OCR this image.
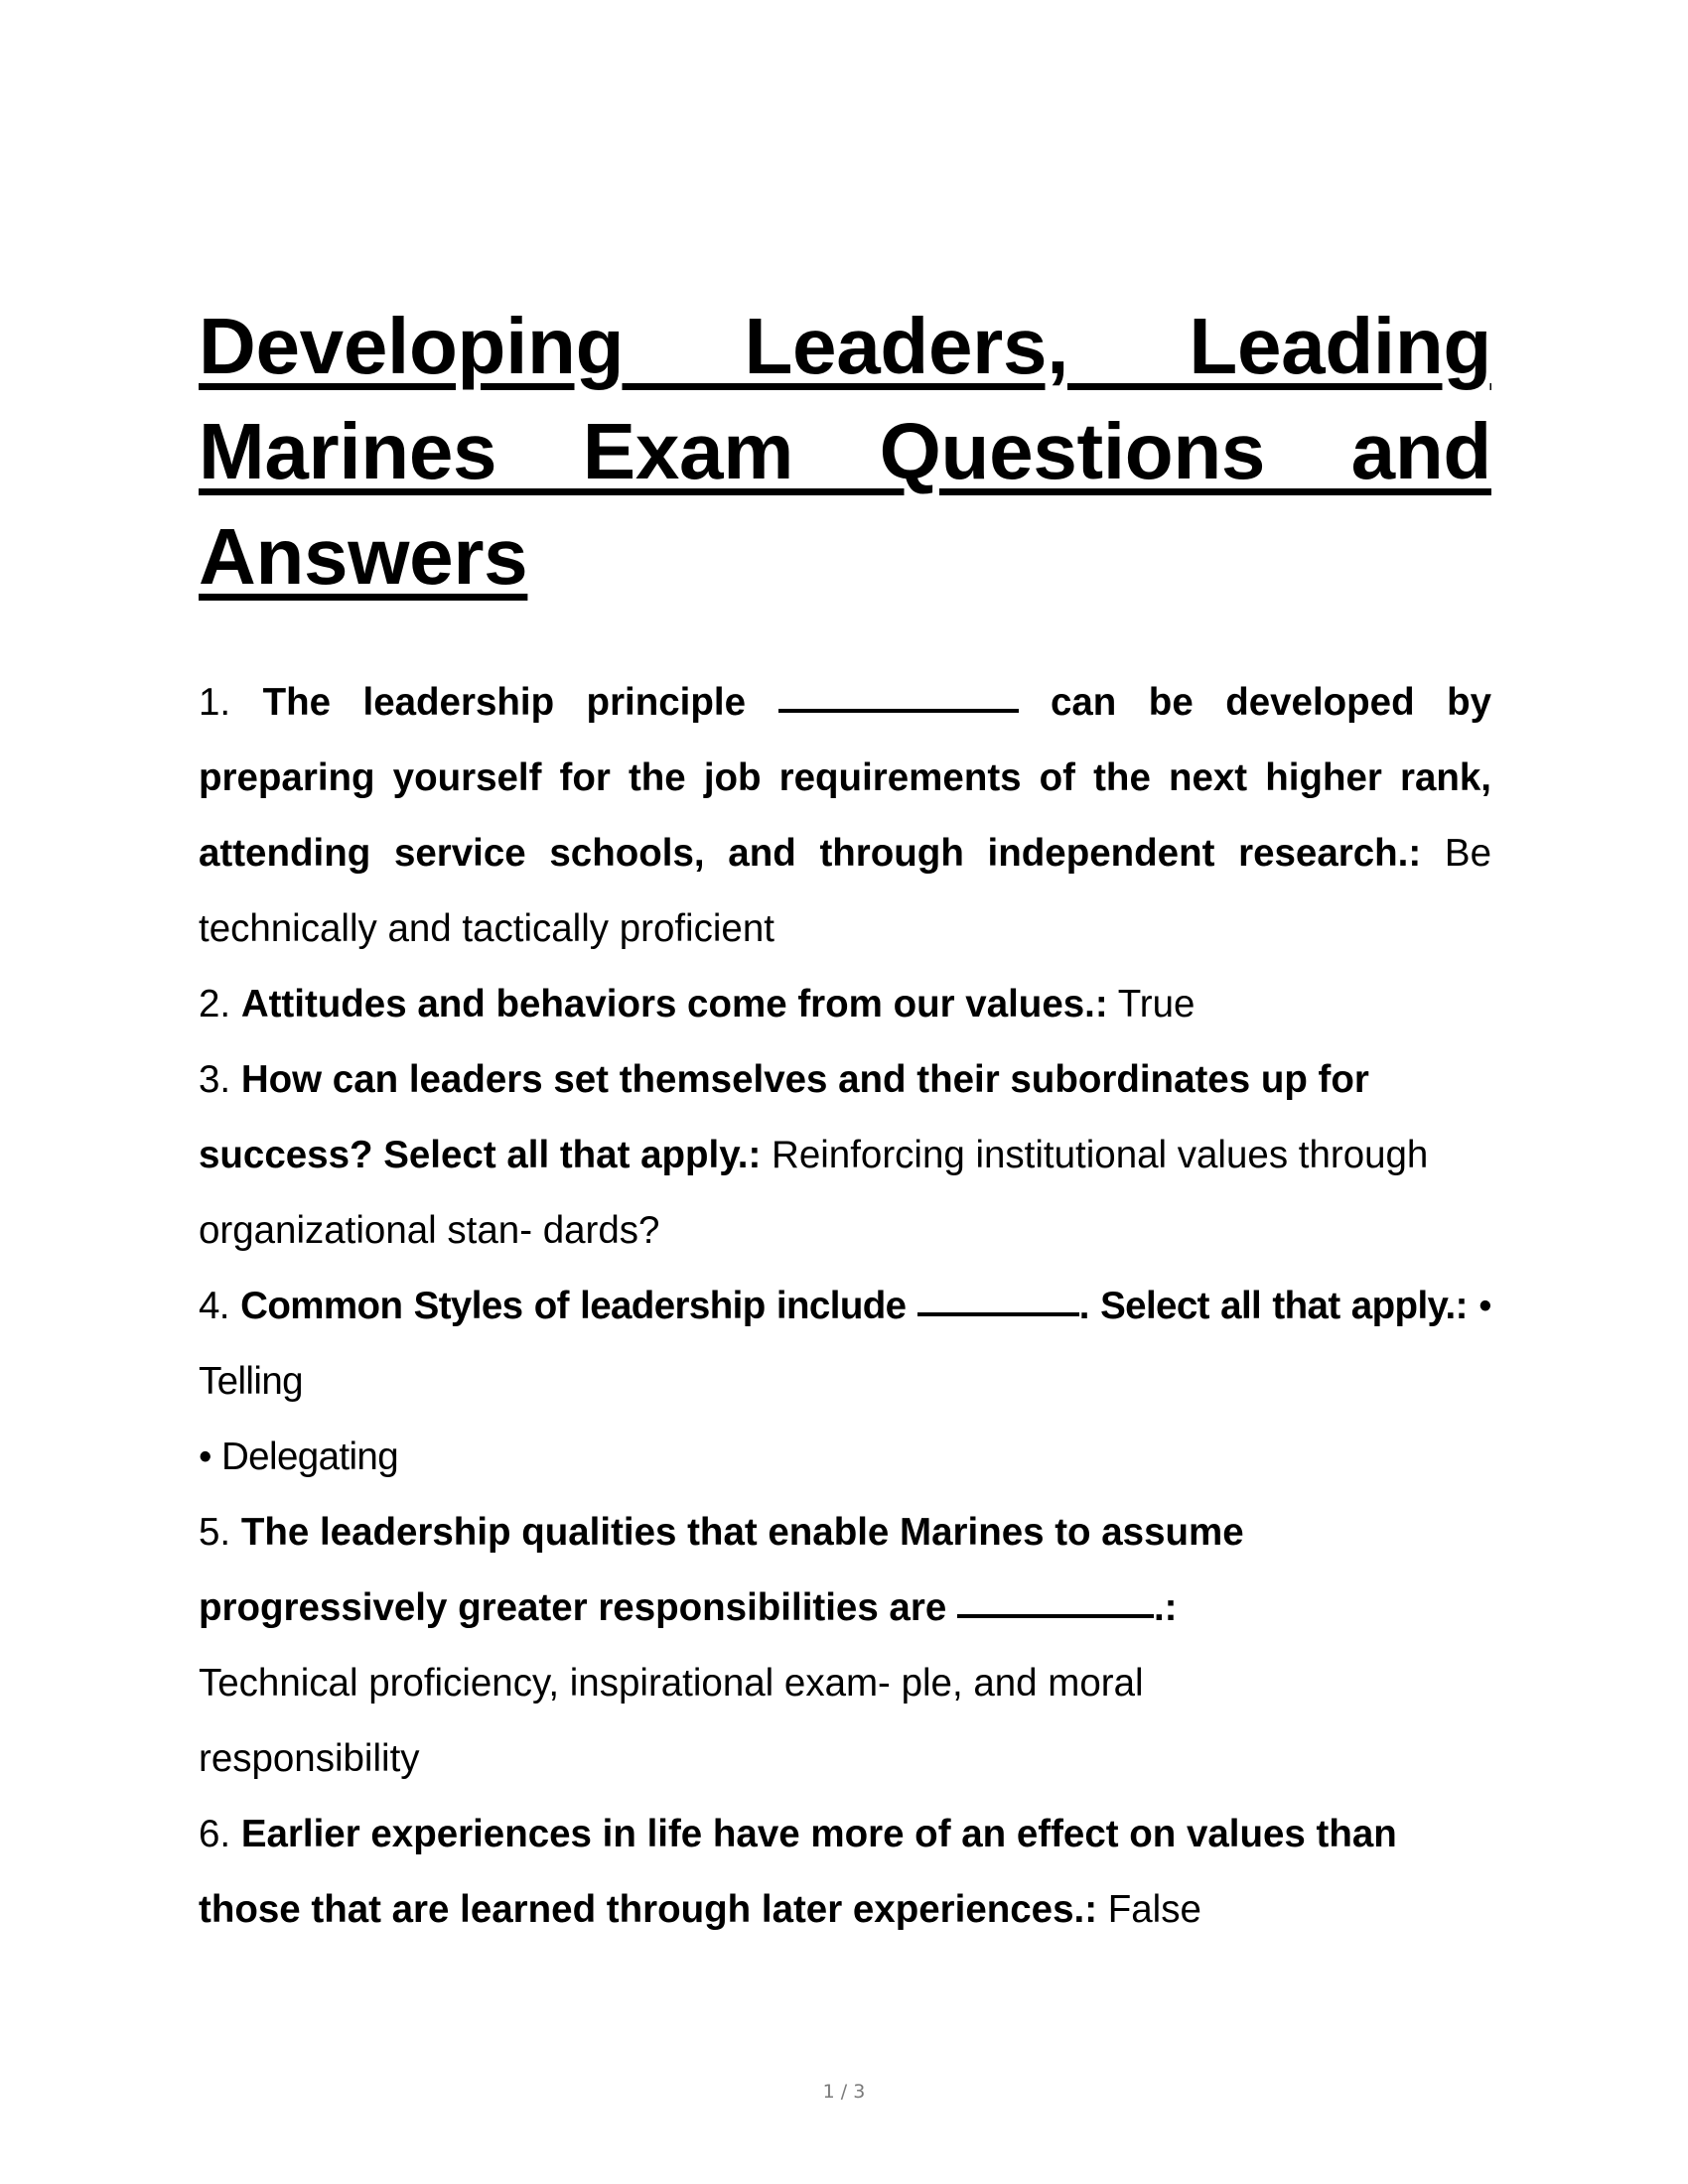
Developing Leaders, Leading Marines Exam Questions and Answers

1. The leadership principle	can be developed by preparing yourself for the job requirements of the next higher rank, attending service schools, and through independent research.: Be technically and tactically proficient

2. Attitudes and behaviors come from our values.: True

3. How can leaders set themselves and their subordinates up for success? Select all that apply.: Reinforcing institutional values through organizational stan- dards?

4. Common Styles of leadership include	. Select all that apply.: • Telling
• Delegating

5. The leadership qualities that enable Marines to assume progressively greater responsibilities are	.:
Technical proficiency, inspirational exam- ple, and moral responsibility

6. Earlier experiences in life have more of an effect on values than those that are learned through later experiences.: False

1 / 3
